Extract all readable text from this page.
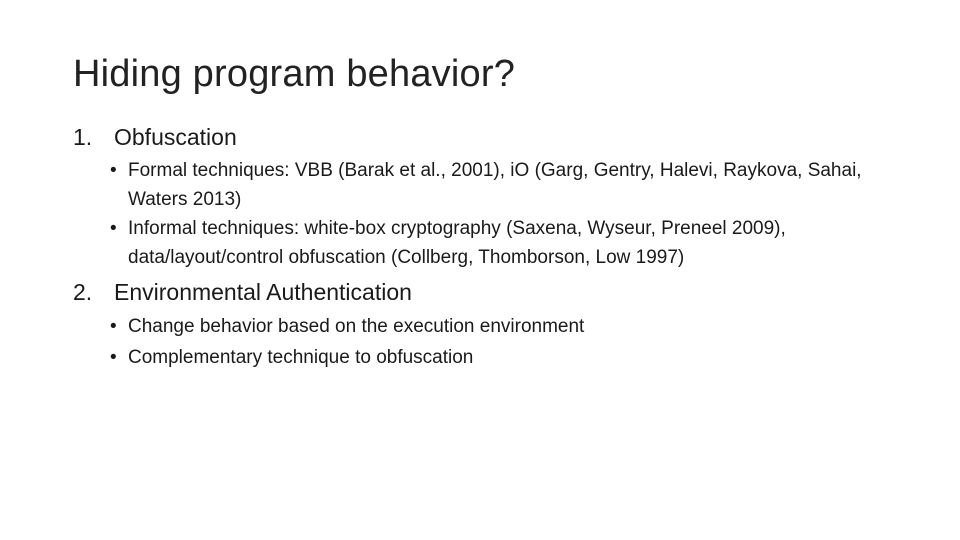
Hiding program behavior?
1. Obfuscation

• Formal techniques: VBB (Barak et al., 2001), iO (Garg, Gentry, Halevi, Raykova, Sahai, Waters 2013)

• Informal techniques: white-box cryptography (Saxena, Wyseur, Preneel 2009), data/layout/control obfuscation (Collberg, Thomborson, Low 1997)

2. Environmental Authentication

• Change behavior based on the execution environment

• Complementary technique to obfuscation
